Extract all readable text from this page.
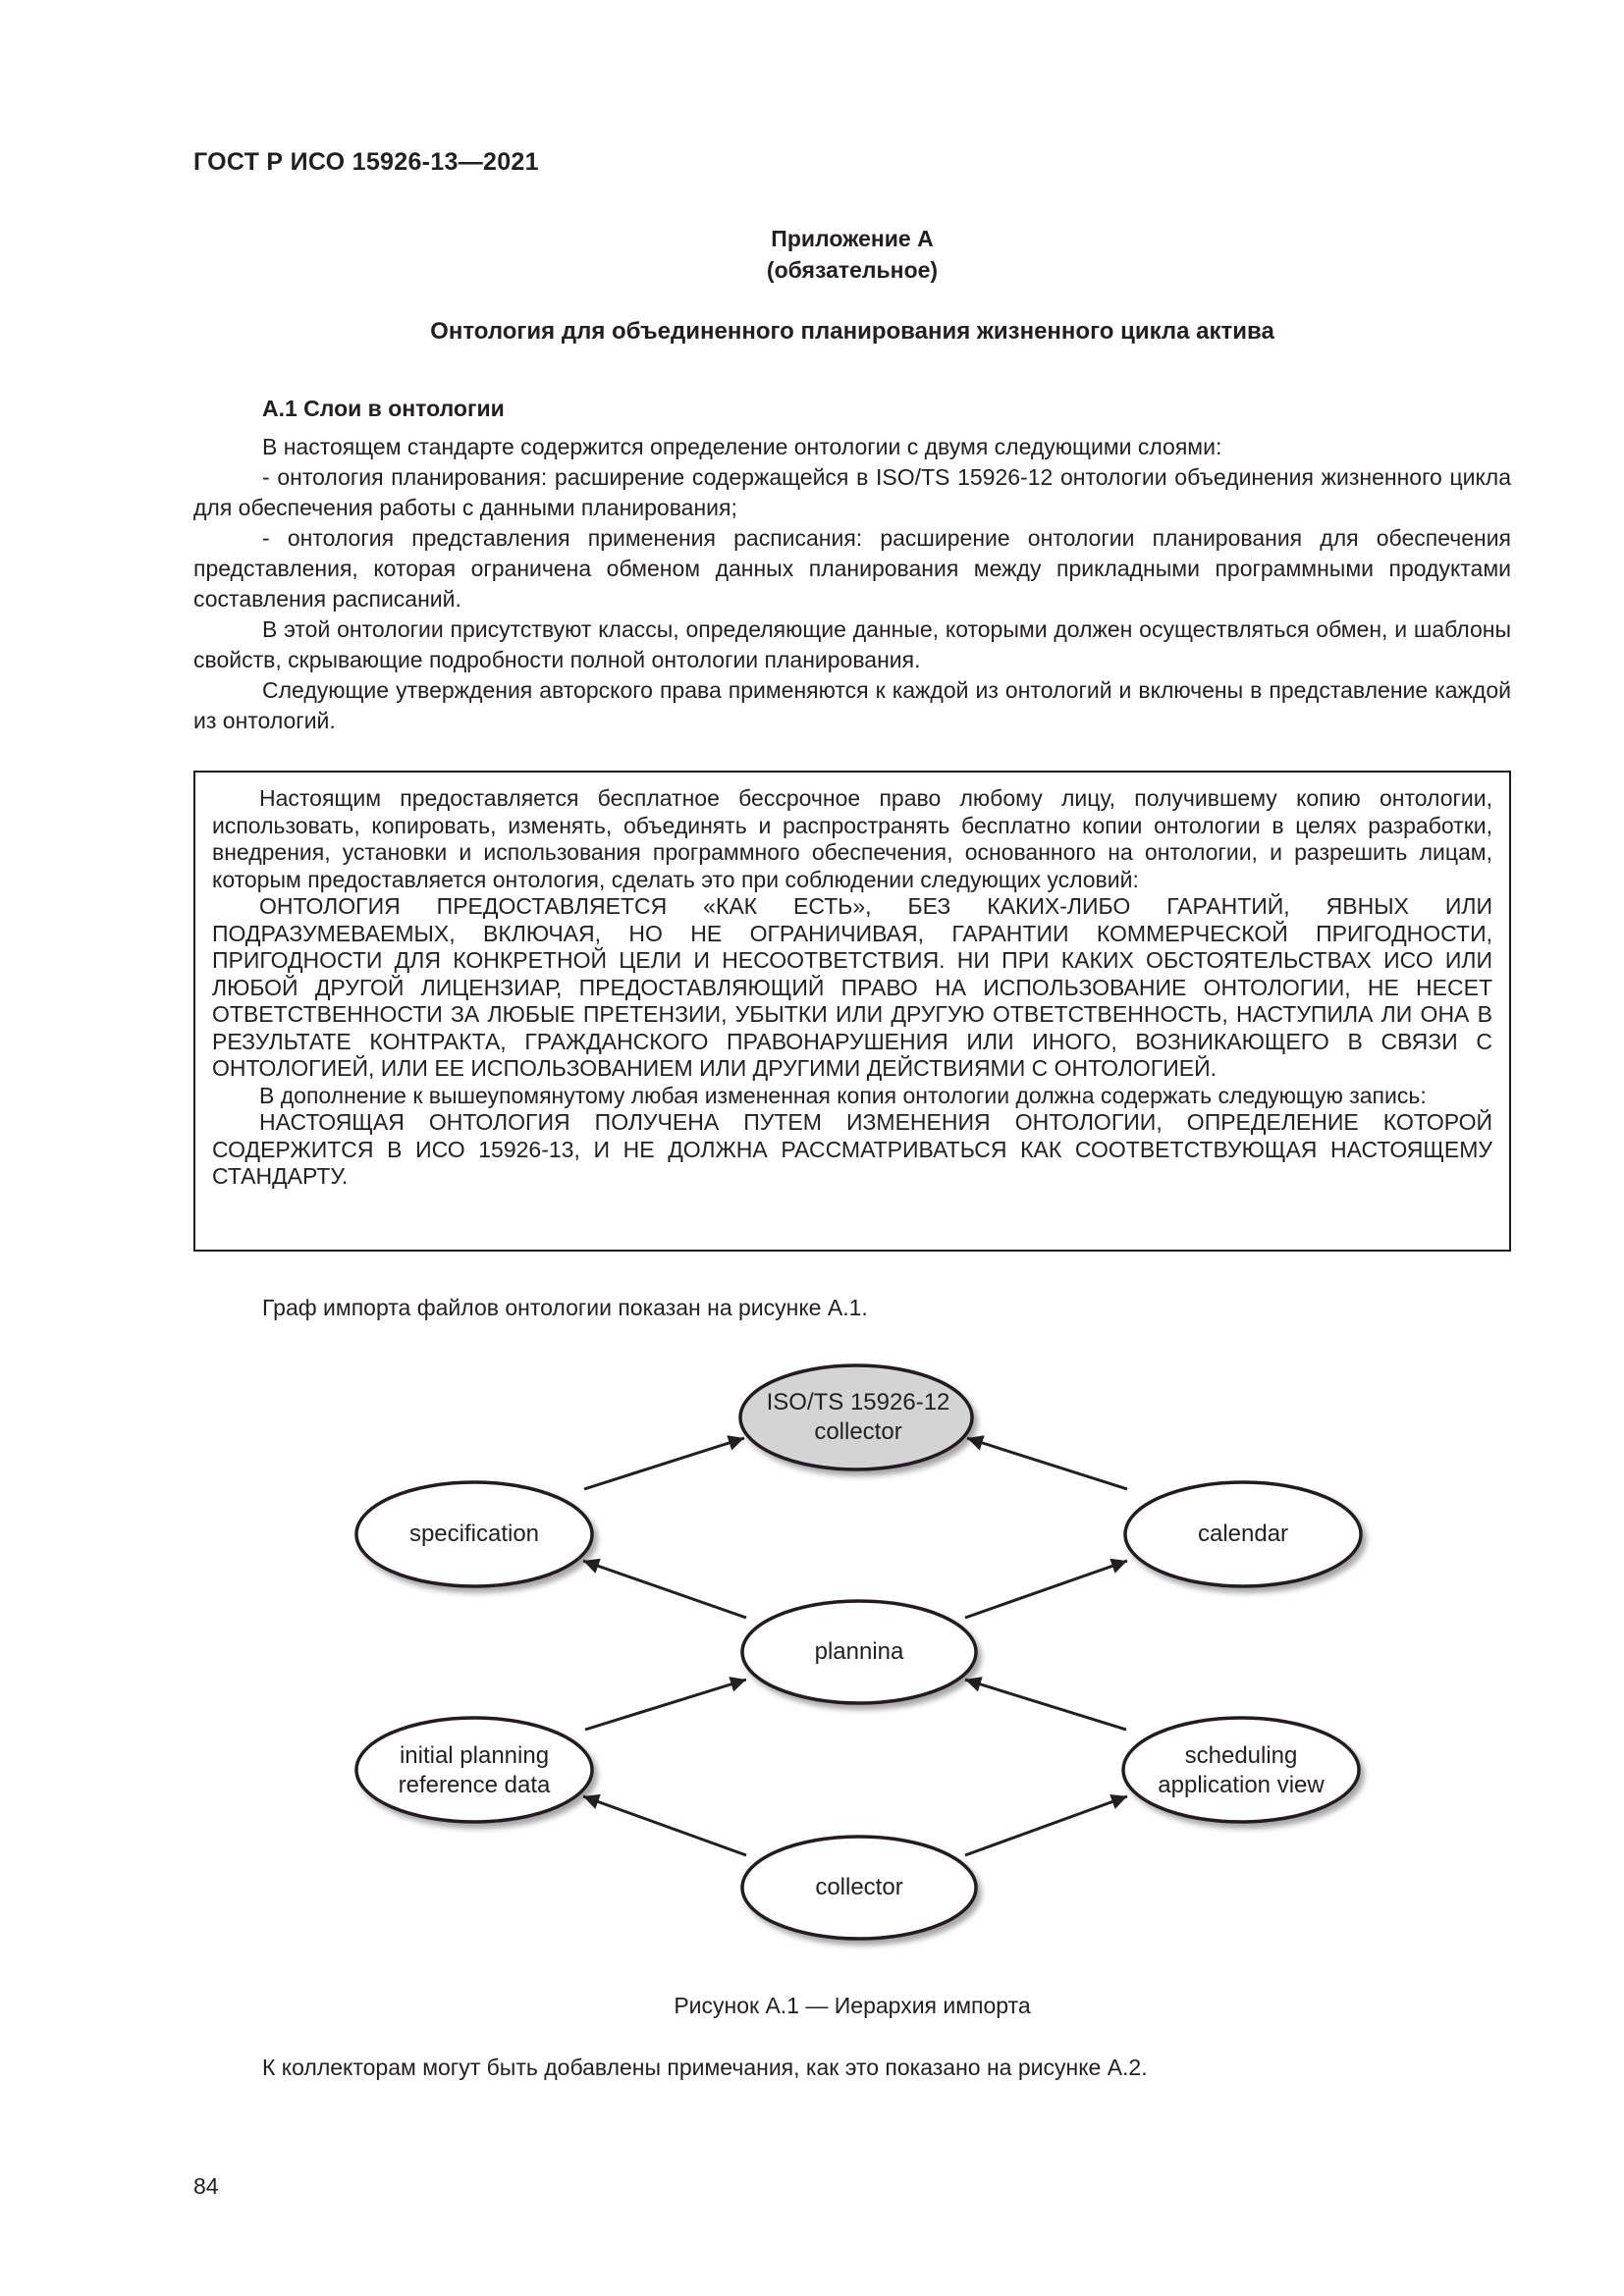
ГОСТ Р ИСО 15926-13—2021
Приложение А
(обязательное)
Онтология для объединенного планирования жизненного цикла актива
А.1 Слои в онтологии

В настоящем стандарте содержится определение онтологии с двумя следующими слоями:

- онтология планирования: расширение содержащейся в ISO/TS 15926-12 онтологии объединения жизненного цикла для обеспечения работы с данными планирования;

- онтология представления применения расписания: расширение онтологии планирования для обеспечения представления, которая ограничена обменом данных планирования между прикладными программными продуктами составления расписаний.

В этой онтологии присутствуют классы, определяющие данные, которыми должен осуществляться обмен, и шаблоны свойств, скрывающие подробности полной онтологии планирования.

Следующие утверждения авторского права применяются к каждой из онтологий и включены в представление каждой из онтологий.

Настоящим предоставляется бесплатное бессрочное право любому лицу, получившему копию онтологии, использовать, копировать, изменять, объединять и распространять бесплатно копии онтологии в целях разработки, внедрения, установки и использования программного обеспечения, основанного на онтологии, и разрешить лицам, которым предоставляется онтология, сделать это при соблюдении следующих условий:

ОНТОЛОГИЯ ПРЕДОСТАВЛЯЕТСЯ «КАК ЕСТЬ», БЕЗ КАКИХ-ЛИБО ГАРАНТИЙ, ЯВНЫХ ИЛИ ПОДРАЗУМЕВАЕМЫХ, ВКЛЮЧАЯ, НО НЕ ОГРАНИЧИВАЯ, ГАРАНТИИ КОММЕРЧЕСКОЙ ПРИГОДНОСТИ, ПРИГОДНОСТИ ДЛЯ КОНКРЕТНОЙ ЦЕЛИ И НЕСООТВЕТСТВИЯ. НИ ПРИ КАКИХ ОБСТОЯТЕЛЬСТВАХ ИСО ИЛИ ЛЮБОЙ ДРУГОЙ ЛИЦЕНЗИАР, ПРЕДОСТАВЛЯЮЩИЙ ПРАВО НА ИСПОЛЬЗОВАНИЕ ОНТОЛОГИИ, НЕ НЕСЕТ ОТВЕТСТВЕННОСТИ ЗА ЛЮБЫЕ ПРЕТЕНЗИИ, УБЫТКИ ИЛИ ДРУГУЮ ОТВЕТСТВЕННОСТЬ, НАСТУПИЛА ЛИ ОНА В РЕЗУЛЬТАТЕ КОНТРАКТА, ГРАЖДАНСКОГО ПРАВОНАРУШЕНИЯ ИЛИ ИНОГО, ВОЗНИКАЮЩЕГО В СВЯЗИ С ОНТОЛОГИЕЙ, ИЛИ ЕЕ ИСПОЛЬЗОВАНИЕМ ИЛИ ДРУГИМИ ДЕЙСТВИЯМИ С ОНТОЛОГИЕЙ.

В дополнение к вышеупомянутому любая измененная копия онтологии должна содержать следующую запись:

НАСТОЯЩАЯ ОНТОЛОГИЯ ПОЛУЧЕНА ПУТЕМ ИЗМЕНЕНИЯ ОНТОЛОГИИ, ОПРЕДЕЛЕНИЕ КОТОРОЙ СОДЕРЖИТСЯ В ИСО 15926-13, И НЕ ДОЛЖНА РАССМАТРИВАТЬСЯ КАК СООТВЕТСТВУЮЩАЯ НАСТОЯЩЕМУ СТАНДАРТУ.

Граф импорта файлов онтологии показан на рисунке А.1.

ISO/TS 15926-12
collector
specification	calendar
plannina
initial planning
reference data
scheduling
application view
collector
Рисунок А.1 — Иерархия импорта

К коллекторам могут быть добавлены примечания, как это показано на рисунке А.2.

84
